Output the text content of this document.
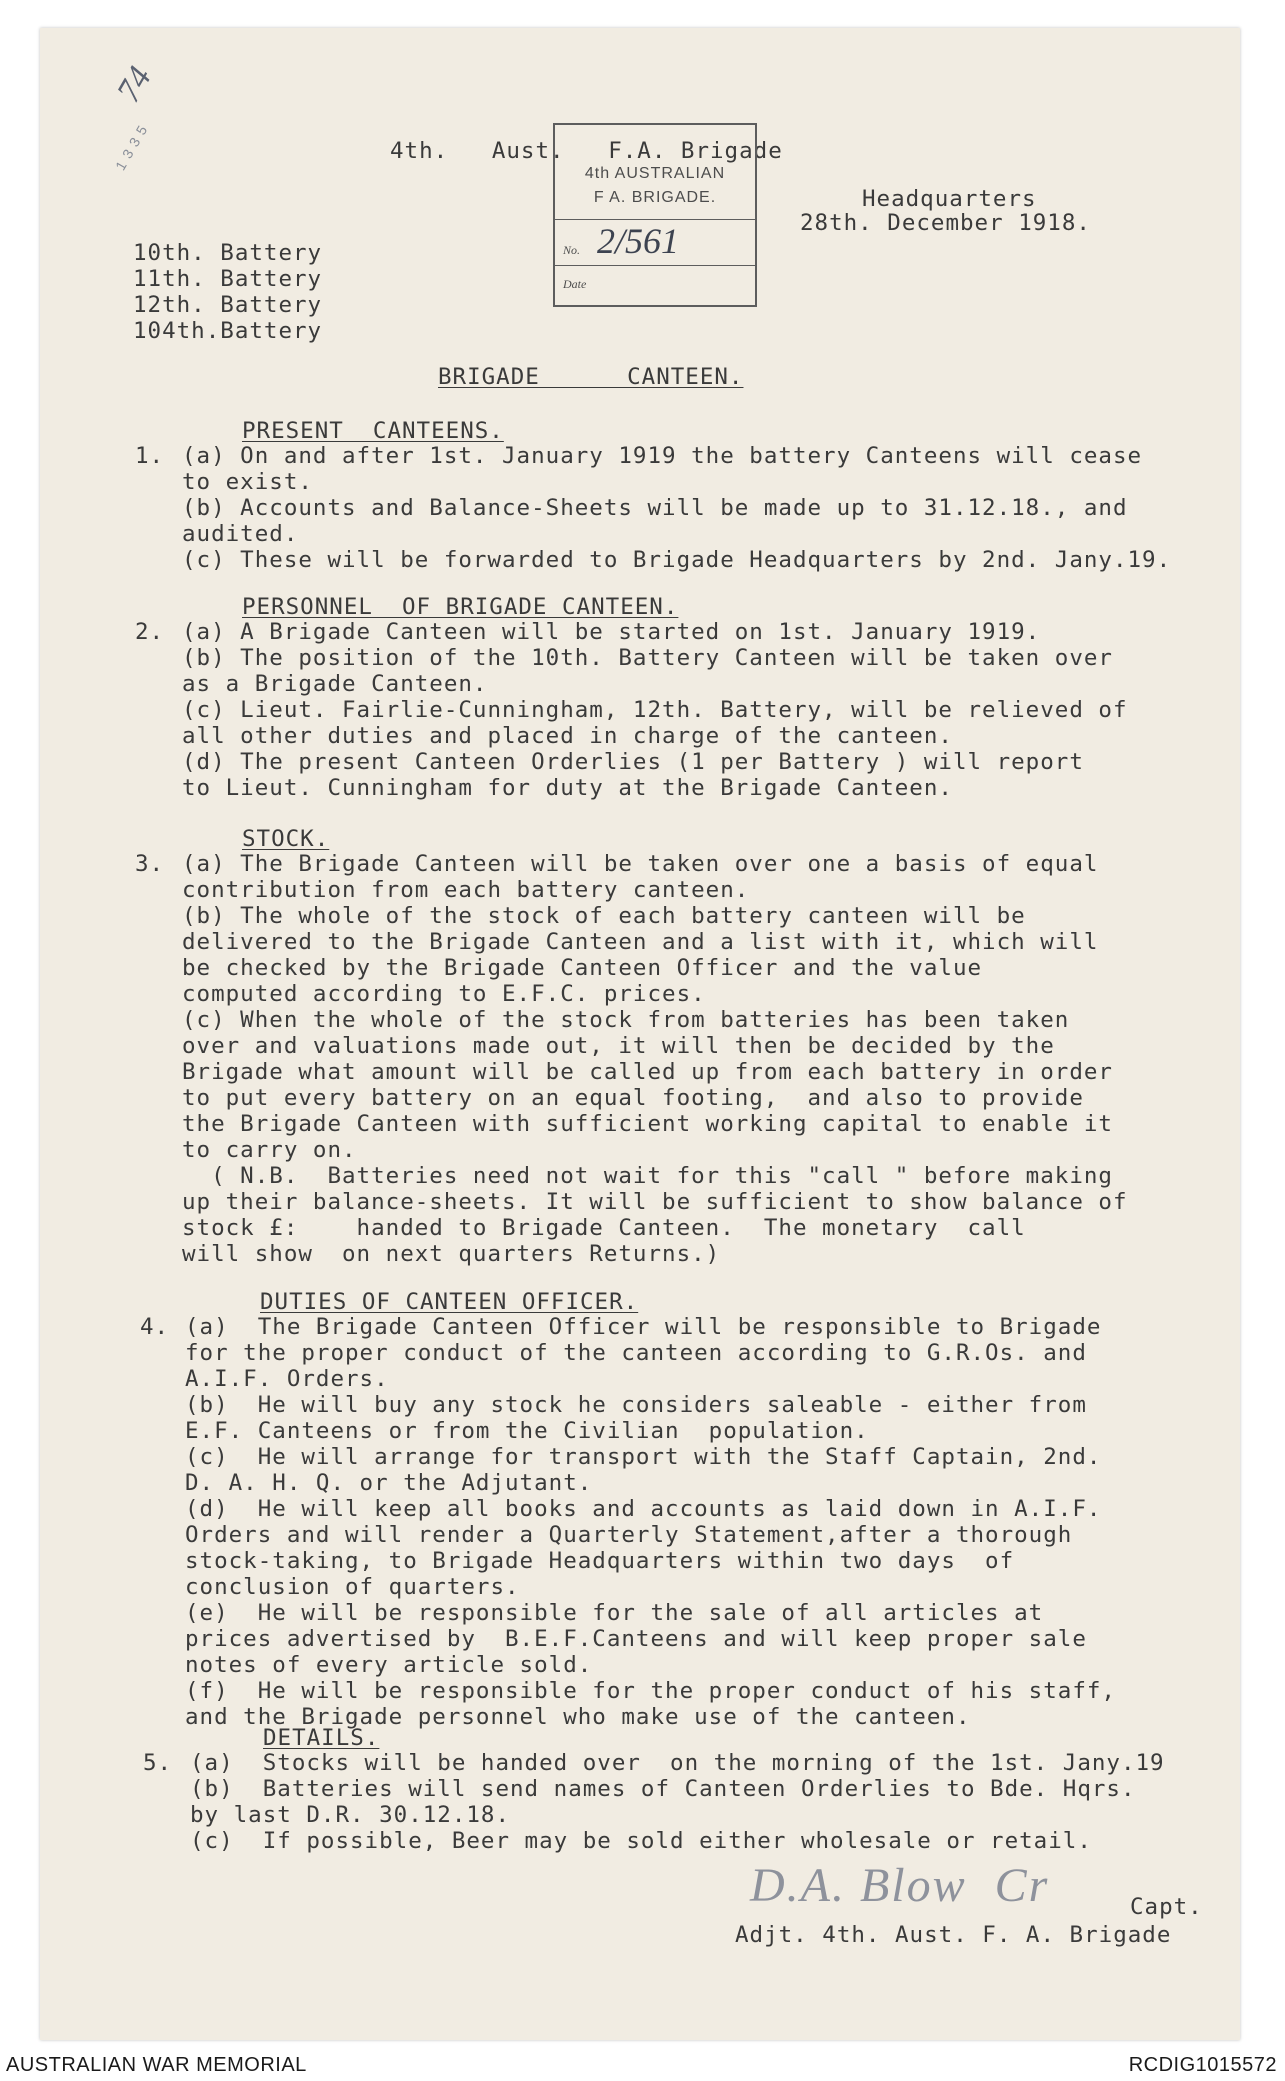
74
1 3 3 5	4th.   Aust.   F.A. Brigade
Headquarters
28th. December 1918.
4th AUSTRALIAN
F A. BRIGADE.
No. 2/561
Date
10th. Battery
11th. Battery
12th. Battery
104th.Battery
BRIGADE      CANTEEN.
PRESENT  CANTEENS.
1. (a) On and after 1st. January 1919 the battery Canteens will cease
to exist.
(b) Accounts and Balance-Sheets will be made up to 31.12.18., and
audited.
(c) These will be forwarded to Brigade Headquarters by 2nd. Jany.19.
PERSONNEL  OF BRIGADE CANTEEN.
2. (a) A Brigade Canteen will be started on 1st. January 1919.
(b) The position of the 10th. Battery Canteen will be taken over
as a Brigade Canteen.
(c) Lieut. Fairlie-Cunningham, 12th. Battery, will be relieved of
all other duties and placed in charge of the canteen.
(d) The present Canteen Orderlies (1 per Battery ) will report
to Lieut. Cunningham for duty at the Brigade Canteen.
STOCK.
3. (a) The Brigade Canteen will be taken over one a basis of equal
contribution from each battery canteen.
(b) The whole of the stock of each battery canteen will be
delivered to the Brigade Canteen and a list with it, which will
be checked by the Brigade Canteen Officer and the value
computed according to E.F.C. prices.
(c) When the whole of the stock from batteries has been taken
over and valuations made out, it will then be decided by the
Brigade what amount will be called up from each battery in order
to put every battery on an equal footing,  and also to provide
the Brigade Canteen with sufficient working capital to enable it
to carry on.
( N.B.  Batteries need not wait for this "call " before making
up their balance-sheets. It will be sufficient to show balance of
stock £:    handed to Brigade Canteen.  The monetary  call
will show  on next quarters Returns.)
DUTIES OF CANTEEN OFFICER.
4. (a)  The Brigade Canteen Officer will be responsible to Brigade
for the proper conduct of the canteen according to G.R.Os. and
A.I.F. Orders.
(b)  He will buy any stock he considers saleable - either from
E.F. Canteens or from the Civilian  population.
(c)  He will arrange for transport with the Staff Captain, 2nd.
D. A. H. Q. or the Adjutant.
(d)  He will keep all books and accounts as laid down in A.I.F.
Orders and will render a Quarterly Statement,after a thorough
stock-taking, to Brigade Headquarters within two days  of
conclusion of quarters.
(e)  He will be responsible for the sale of all articles at
prices advertised by  B.E.F.Canteens and will keep proper sale
notes of every article sold.
(f)  He will be responsible for the proper conduct of his staff,
and the Brigade personnel who make use of the canteen.
DETAILS.
5. (a)  Stocks will be handed over  on the morning of the 1st. Jany.19
(b)  Batteries will send names of Canteen Orderlies to Bde. Hqrs.
by last D.R. 30.12.18.
(c)  If possible, Beer may be sold either wholesale or retail.
D.A. Blow  Cr	Capt.
Adjt. 4th. Aust. F. A. Brigade
AUSTRALIAN WAR MEMORIAL	RCDIG1015572
